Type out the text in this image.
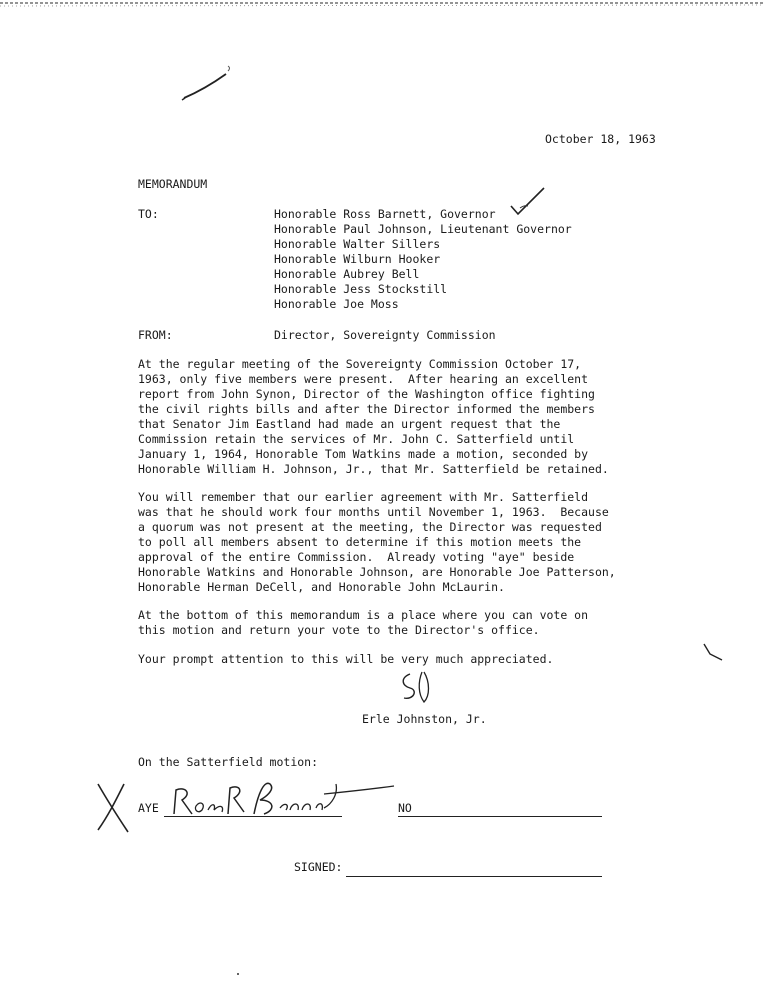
October 18, 1963
MEMORANDUM
TO:	Honorable Ross Barnett, Governor
Honorable Paul Johnson, Lieutenant Governor
Honorable Walter Sillers
Honorable Wilburn Hooker
Honorable Aubrey Bell
Honorable Jess Stockstill
Honorable Joe Moss
FROM:	Director, Sovereignty Commission
At the regular meeting of the Sovereignty Commission October 17,
1963, only five members were present.  After hearing an excellent
report from John Synon, Director of the Washington office fighting
the civil rights bills and after the Director informed the members
that Senator Jim Eastland had made an urgent request that the
Commission retain the services of Mr. John C. Satterfield until
January 1, 1964, Honorable Tom Watkins made a motion, seconded by
Honorable William H. Johnson, Jr., that Mr. Satterfield be retained.
You will remember that our earlier agreement with Mr. Satterfield
was that he should work four months until November 1, 1963.  Because
a quorum was not present at the meeting, the Director was requested
to poll all members absent to determine if this motion meets the
approval of the entire Commission.  Already voting "aye" beside
Honorable Watkins and Honorable Johnson, are Honorable Joe Patterson,
Honorable Herman DeCell, and Honorable John McLaurin.
At the bottom of this memorandum is a place where you can vote on
this motion and return your vote to the Director's office.
Your prompt attention to this will be very much appreciated.
Erle Johnston, Jr.
On the Satterfield motion:
AYE	NO
SIGNED:
